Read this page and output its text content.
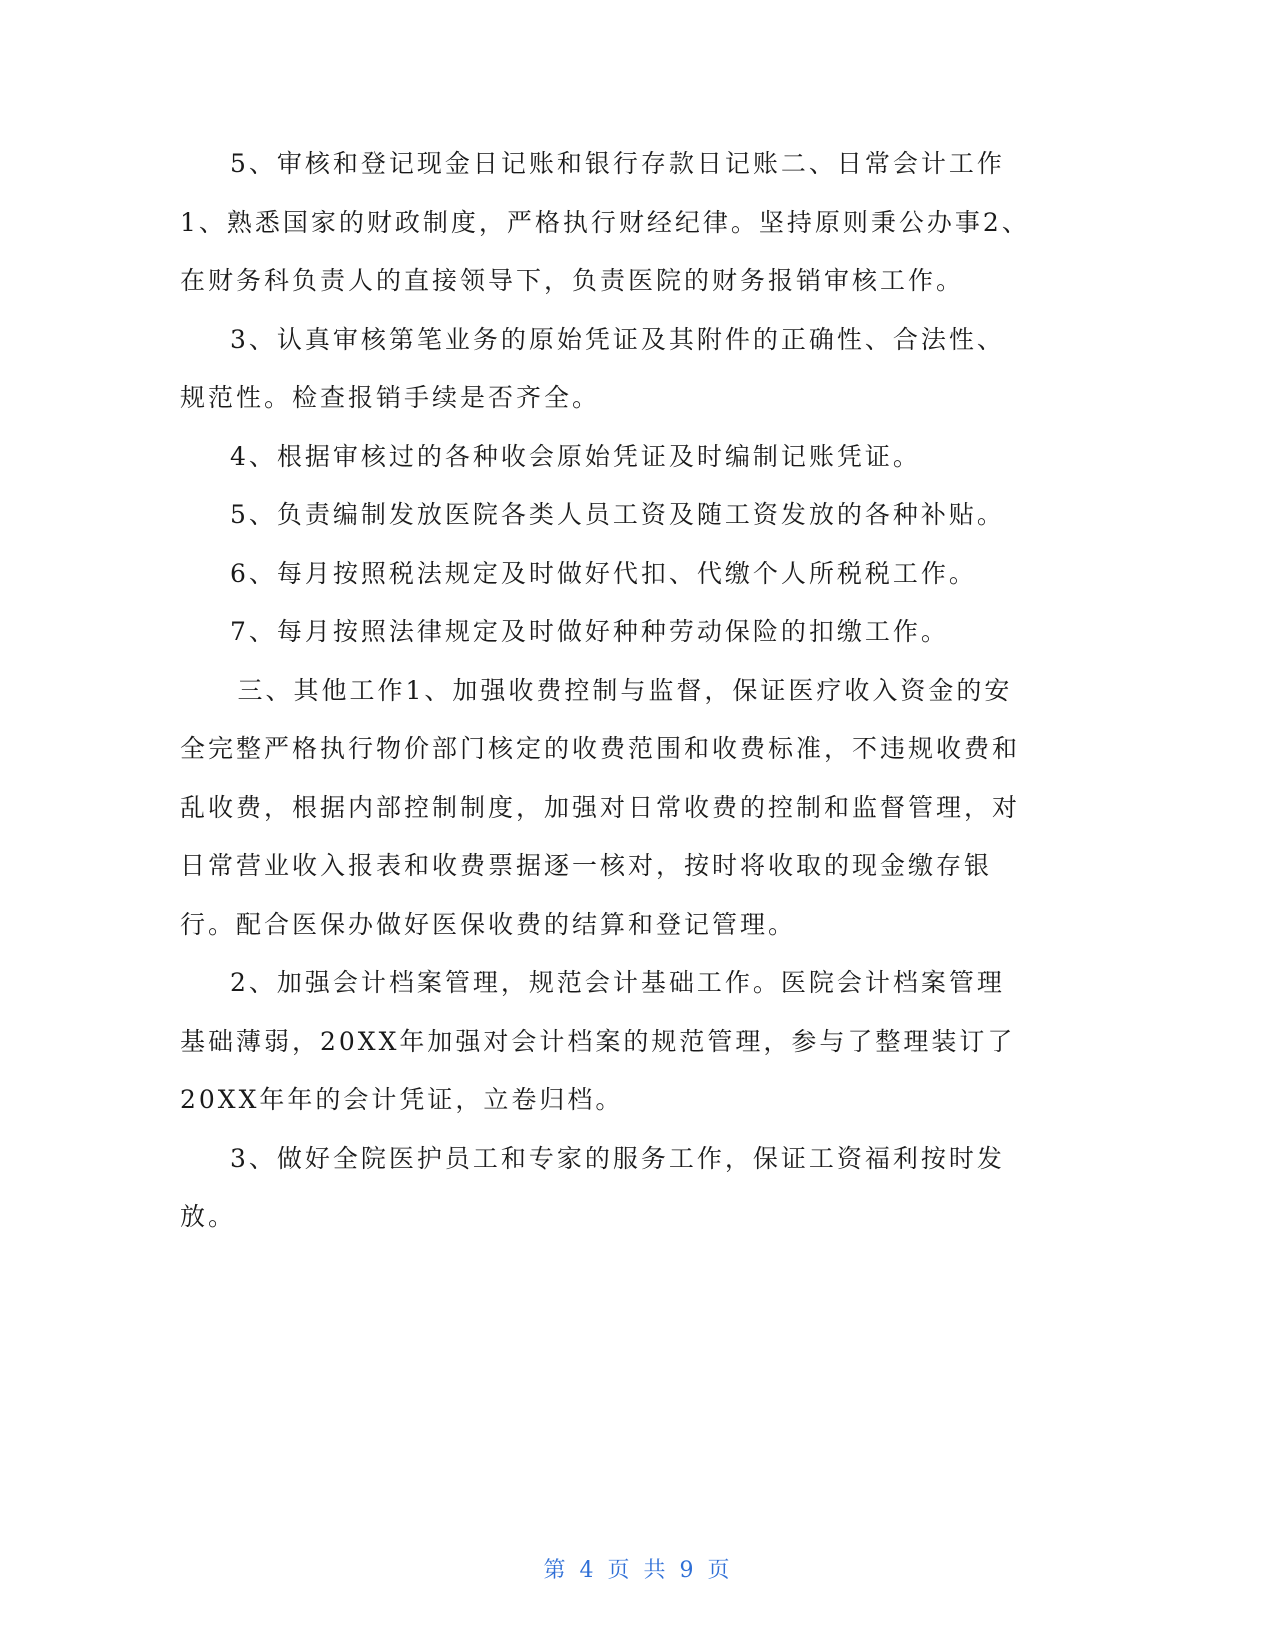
5、审核和登记现金日记账和银行存款日记账二、日常会计工作1、熟悉国家的财政制度，严格执行财经纪律。坚持原则秉公办事2、在财务科负责人的直接领导下，负责医院的财务报销审核工作。

3、认真审核第笔业务的原始凭证及其附件的正确性、合法性、规范性。检查报销手续是否齐全。

4、根据审核过的各种收会原始凭证及时编制记账凭证。

5、负责编制发放医院各类人员工资及随工资发放的各种补贴。

6、每月按照税法规定及时做好代扣、代缴个人所税税工作。

7、每月按照法律规定及时做好种种劳动保险的扣缴工作。

三、其他工作1、加强收费控制与监督，保证医疗收入资金的安全完整严格执行物价部门核定的收费范围和收费标准，不违规收费和乱收费，根据内部控制制度，加强对日常收费的控制和监督管理，对日常营业收入报表和收费票据逐一核对，按时将收取的现金缴存银行。配合医保办做好医保收费的结算和登记管理。

2、加强会计档案管理，规范会计基础工作。医院会计档案管理基础薄弱，20XX年加强对会计档案的规范管理，参与了整理装订了20XX年年的会计凭证，立卷归档。

3、做好全院医护员工和专家的服务工作，保证工资福利按时发放。

第 4 页 共 9 页
